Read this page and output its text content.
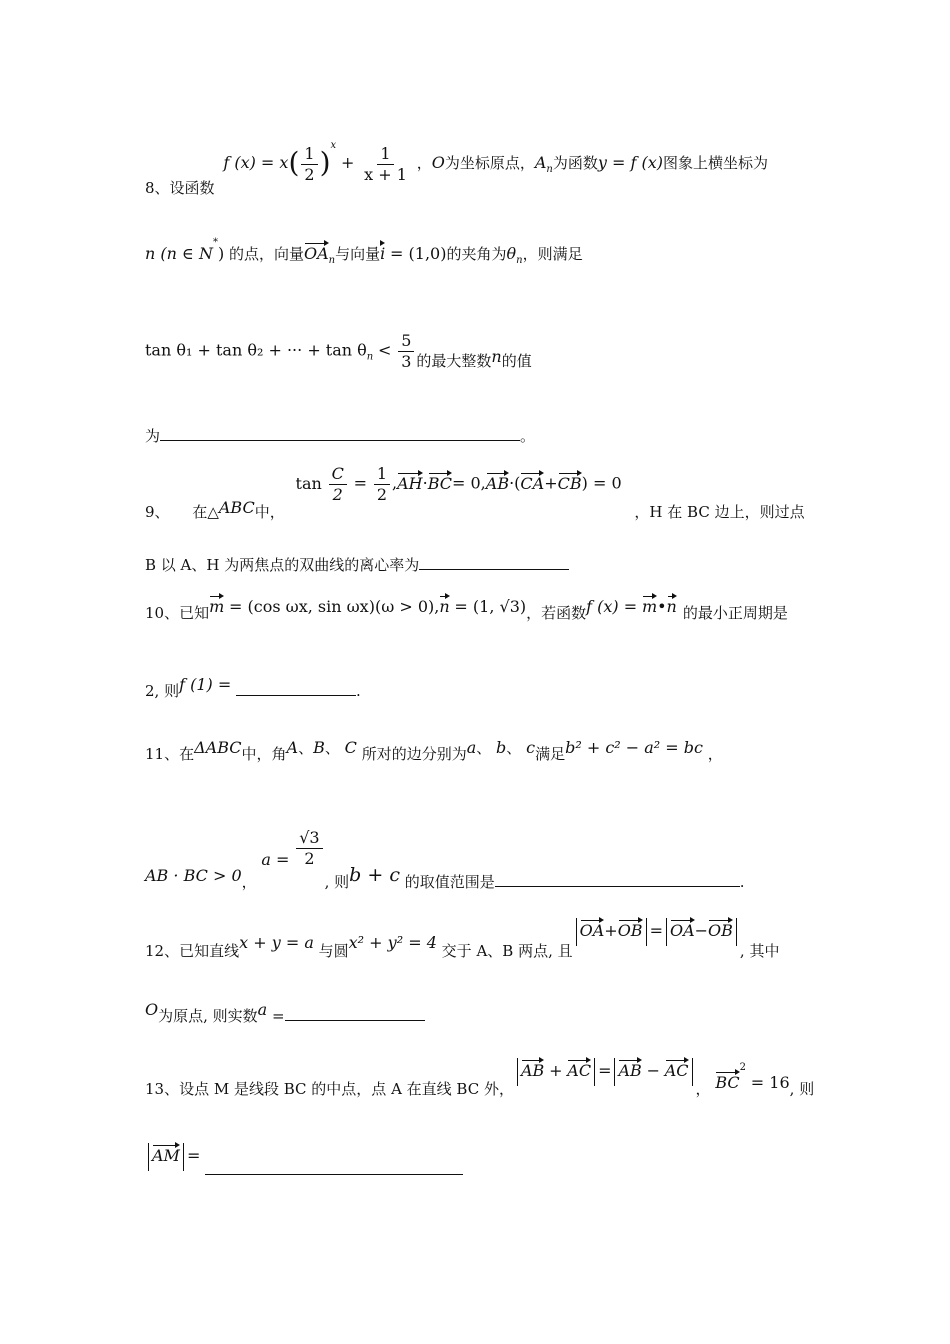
8、设函数 f $(x) = x( \frac{1}{2} )^x + \frac{1}{x + 1}$ ，O为坐标原点，$A_n$为函数y = f (x)图象上横坐标为
n (n ∈ N*) 的点，向量$OA_n$与向量i = (1,0)的夹角为$\theta_n$，则满足
tan θ₁ + tan θ₂ + ··· + $\tan \theta_n < \frac{5}{3}$ 的最大整数n的值
为	。
9、 在△ABC中， $\tan \frac{C}{2} = \frac{1}{2} ,AH\cdot BC= 0,AB\cdot(CA+CB) = 0$ ，H 在 BC 边上，则过点
B 以 A、H 为两焦点的双曲线的离心率为
10、已知m = (cos ωx, sin ωx)(ω > 0),n = (1, √3)，若函数f (x) = m•n 的最小正周期是
2, 则f (1) =	.
11、在ΔABC中，角A、B、 C 所对的边分别为a、 b、 c满足b² + c² − a² = bc ，
AB · BC > 0， $a = \frac{√3}{2}$
, 则b + c 的取值范围是	.
12、已知直线x + y = a 与圆x² + y² = 4 交于 A、B 两点, 且OA+OB = OA−OB, 其中
O为原点, 则实数a =
13、设点 M 是线段 BC 的中点，点 A 在直线 BC 外，AB + AC = AB − AC， $BC^2 = 16$, 则
AM =
